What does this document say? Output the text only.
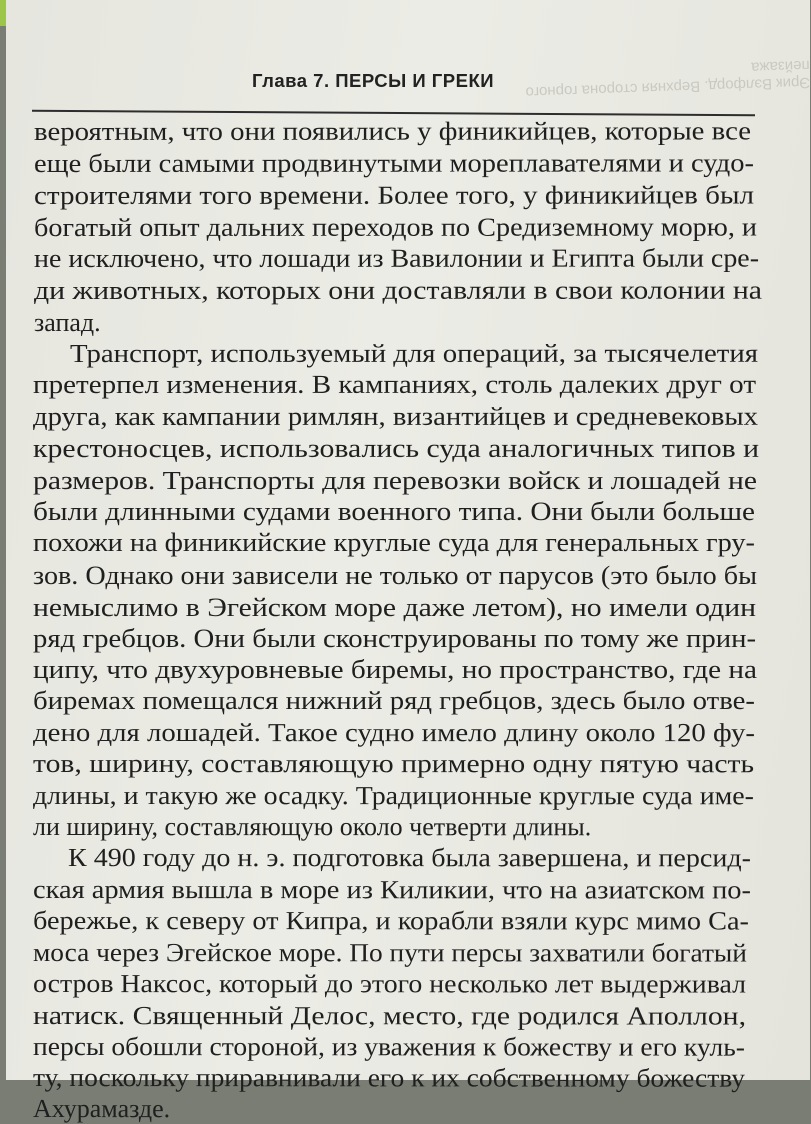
Эрик Вэлфорд. Верхняя сторона горного пейзажа
Глава 7. ПЕРСЫ И ГРЕКИ
вероятным, что они появились у финикийцев, которые все
еще были самыми продвинутыми мореплавателями и судо-
строителями того времени. Более того, у финикийцев был
богатый опыт дальних переходов по Средиземному морю, и
не исключено, что лошади из Вавилонии и Египта были сре-
ди животных, которых они доставляли в свои колонии на
запад.
Транспорт, используемый для операций, за тысячелетия
претерпел изменения. В кампаниях, столь далеких друг от
друга, как кампании римлян, византийцев и средневековых
крестоносцев, использовались суда аналогичных типов и
размеров. Транспорты для перевозки войск и лошадей не
были длинными судами военного типа. Они были больше
похожи на финикийские круглые суда для генеральных гру-
зов. Однако они зависели не только от парусов (это было бы
немыслимо в Эгейском море даже летом), но имели один
ряд гребцов. Они были сконструированы по тому же прин-
ципу, что двухуровневые биремы, но пространство, где на
биремах помещался нижний ряд гребцов, здесь было отве-
дено для лошадей. Такое судно имело длину около 120 фу-
тов, ширину, составляющую примерно одну пятую часть
длины, и такую же осадку. Традиционные круглые суда име-
ли ширину, составляющую около четверти длины.
К 490 году до н. э. подготовка была завершена, и персид-
ская армия вышла в море из Киликии, что на азиатском по-
бережье, к северу от Кипра, и корабли взяли курс мимо Са-
моса через Эгейское море. По пути персы захватили богатый
остров Наксос, который до этого несколько лет выдерживал
натиск. Священный Делос, место, где родился Аполлон,
персы обошли стороной, из уважения к божеству и его куль-
ту, поскольку приравнивали его к их собственному божеству
Ахурамазде.
